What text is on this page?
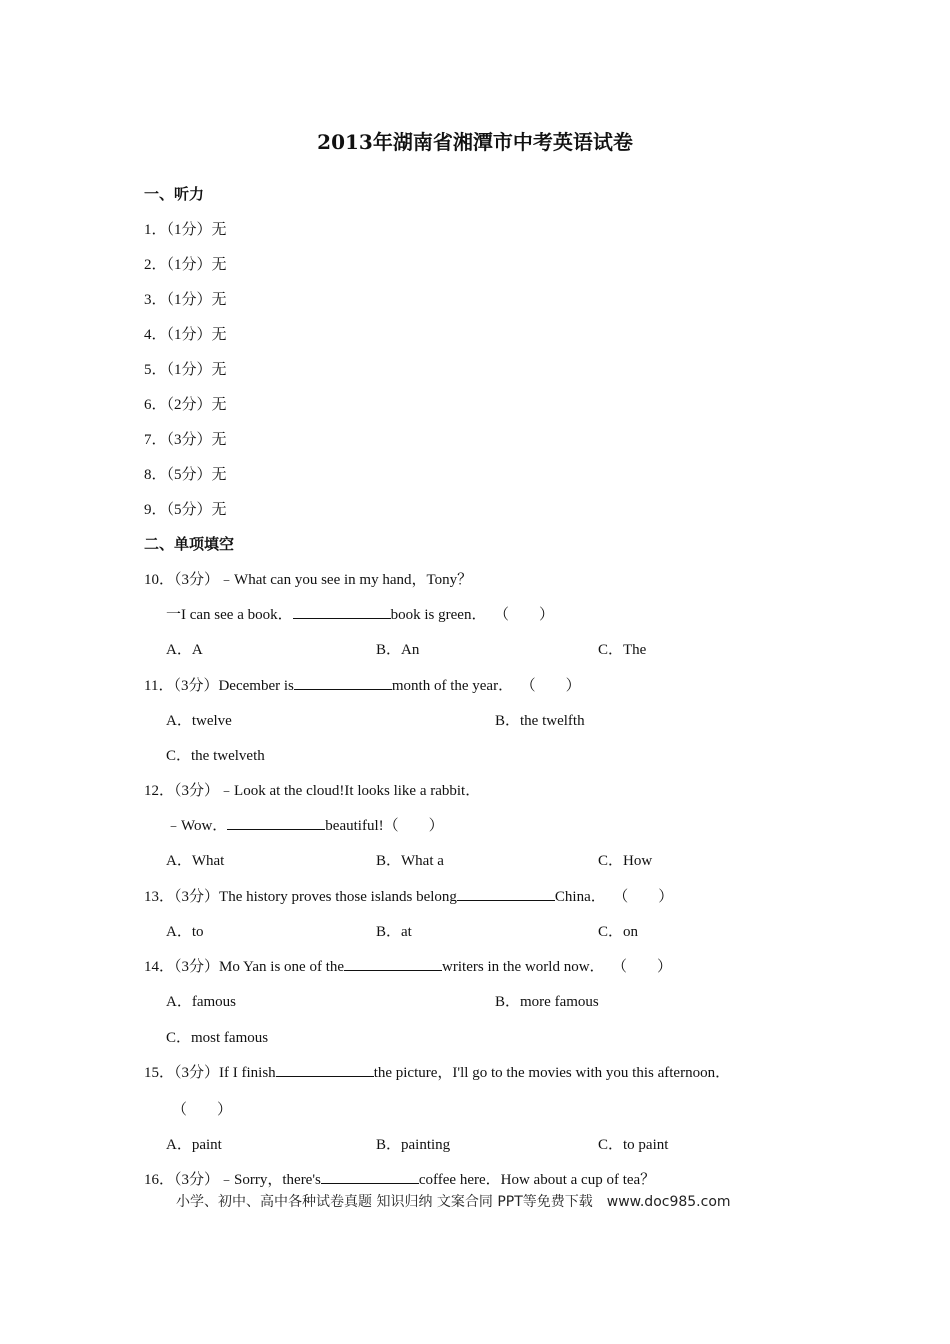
2013年湖南省湘潭市中考英语试卷
一、听力
1．（1分）无
2．（1分）无
3．（1分）无
4．（1分）无
5．（1分）无
6．（2分）无
7．（3分）无
8．（5分）无
9．（5分）无
二、单项填空
10．（3分）﹣What can you see in my hand，Tony？
一I can see a book．	book is green． （　　）
A．A	B．An	C．The
11．（3分）December is	month of the year． （　　）
A．twelve	B．the twelfth
C．the twelveth
12．（3分）﹣Look at the cloud!It looks like a rabbit．
﹣Wow．	beautiful!（　　）
A．What	B．What a	C．How
13．（3分）The history proves those islands belong	China． （　　）
A．to	B．at	C．on
14．（3分）Mo Yan is one of the	writers in the world now． （　　）
A．famous	B．more famous
C．most famous
15．（3分）If I finish	the picture，I'll go to the movies with you this afternoon．
（　　）
A．paint	B．painting	C．to paint
16．（3分）﹣Sorry，there's	coffee here．How about a cup of tea？
小学、初中、高中各种试卷真题 知识归纳 文案合同 PPT等免费下载　www.doc985.com
